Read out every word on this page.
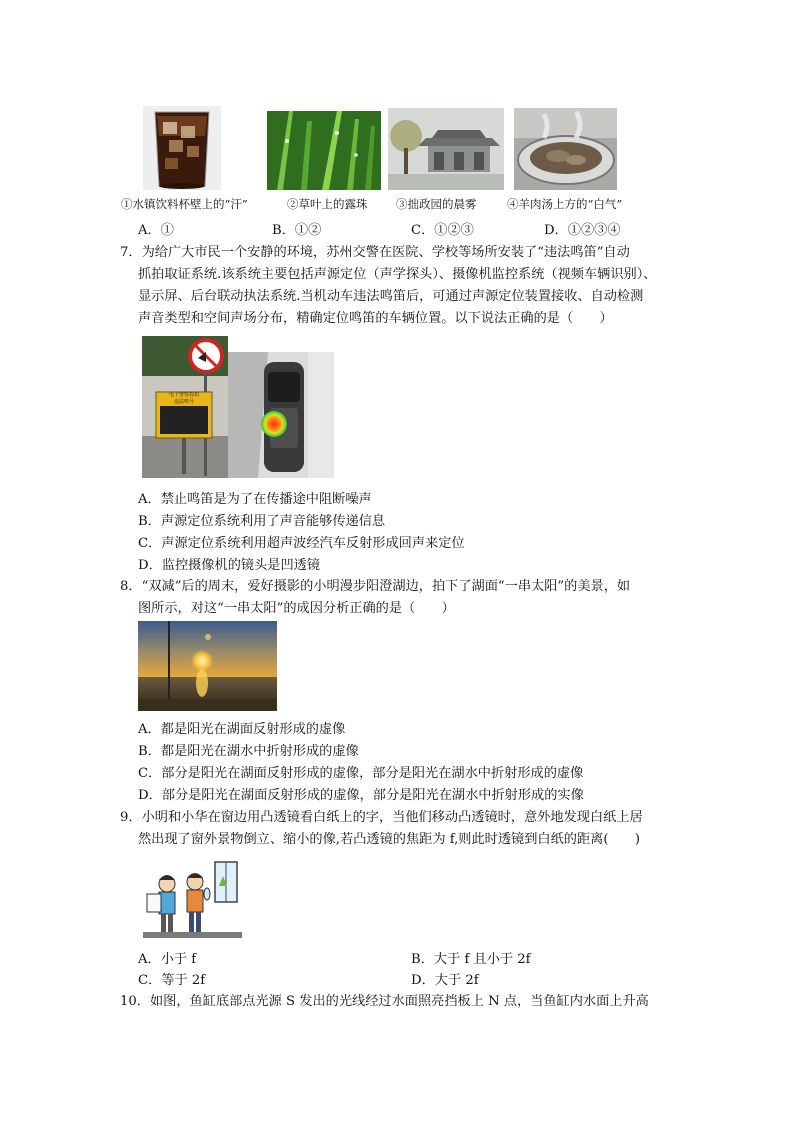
①水镇饮料杯壁上的“汗”	②草叶上的露珠 ③拙政园的晨雾	④羊肉汤上方的“白气”
A．①	B．①②	C．①②③	D．①②③④
7．为给广大市民一个安静的环境，苏州交警在医院、学校等场所安装了“违法鸣笛”自动
抓拍取证系统.该系统主要包括声源定位（声学探头）、摄像机监控系统（视频车辆识别）、
显示屏、后台联动执法系统.当机动车违法鸣笛后，可通过声源定位装置接收、自动检测
声音类型和空间声场分布，精确定位鸣笛的车辆位置。以下说法正确的是（　　）
电子警察抓拍
违法鸣号
A．禁止鸣笛是为了在传播途中阻断噪声
B．声源定位系统利用了声音能够传递信息
C．声源定位系统利用超声波经汽车反射形成回声来定位
D．监控摄像机的镜头是凹透镜
8．“双减”后的周末，爱好摄影的小明漫步阳澄湖边，拍下了湖面“一串太阳”的美景，如
图所示，对这“一串太阳”的成因分析正确的是（　　）
A．都是阳光在湖面反射形成的虚像
B．都是阳光在湖水中折射形成的虚像
C．部分是阳光在湖面反射形成的虚像，部分是阳光在湖水中折射形成的虚像
D．部分是阳光在湖面反射形成的虚像，部分是阳光在湖水中折射形成的实像
9．小明和小华在窗边用凸透镜看白纸上的字，当他们移动凸透镜时，意外地发现白纸上居
然出现了窗外景物倒立、缩小的像,若凸透镜的焦距为 f,则此时透镜到白纸的距离(　　)
A．小于 f	B．大于 f 且小于 2f
C．等于 2f	D．大于 2f
10．如图，鱼缸底部点光源 S 发出的光线经过水面照亮挡板上 N 点，当鱼缸内水面上升高
